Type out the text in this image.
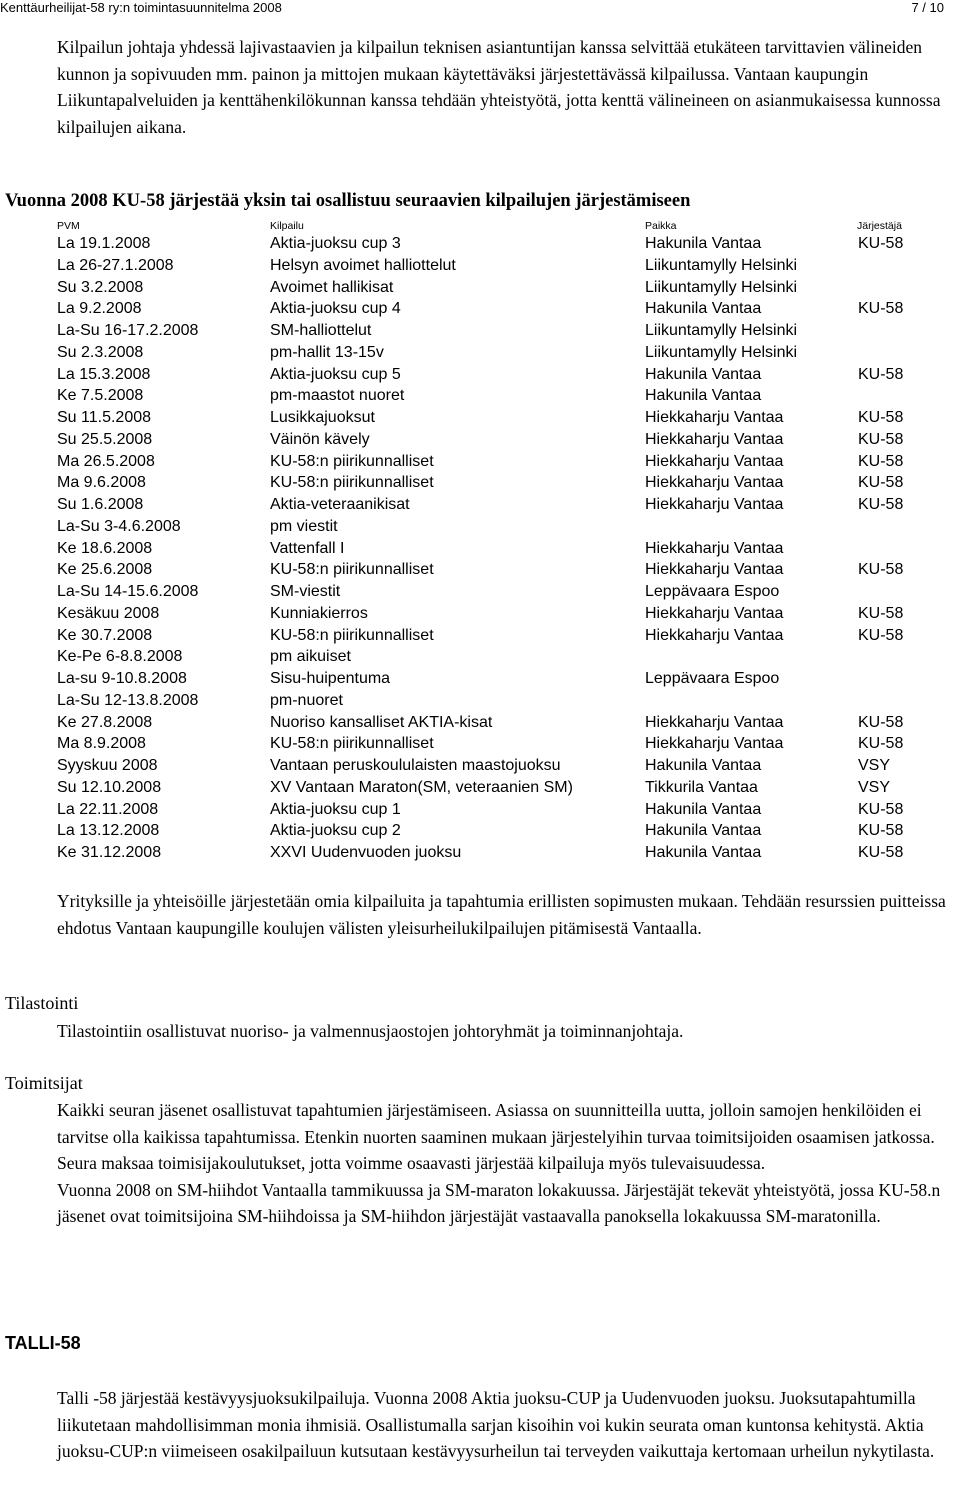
Kenttäurheilijat-58 ry:n toimintasuunnitelma 2008	7 / 10
Kilpailun johtaja yhdessä lajivastaavien ja kilpailun teknisen asiantuntijan kanssa selvittää etukäteen tarvittavien välineiden kunnon ja sopivuuden mm. painon ja mittojen mukaan käytettäväksi järjestettävässä kilpailussa. Vantaan kaupungin Liikuntapalveluiden ja kenttähenkilökunnan kanssa tehdään yhteistyötä, jotta kenttä välineineen on asianmukaisessa kunnossa kilpailujen aikana.
Vuonna 2008 KU-58 järjestää yksin tai osallistuu seuraavien kilpailujen järjestämiseen
PVM	Kilpailu	Paikka	Järjestäjä
La 19.1.2008	Aktia-juoksu cup 3	Hakunila Vantaa	KU-58
La 26-27.1.2008	Helsyn avoimet halliottelut	Liikuntamylly Helsinki
Su 3.2.2008	Avoimet hallikisat	Liikuntamylly Helsinki
La 9.2.2008	Aktia-juoksu cup 4	Hakunila Vantaa	KU-58
La-Su 16-17.2.2008	SM-halliottelut	Liikuntamylly Helsinki
Su 2.3.2008	pm-hallit 13-15v	Liikuntamylly Helsinki
La 15.3.2008	Aktia-juoksu cup 5	Hakunila Vantaa	KU-58
Ke 7.5.2008	pm-maastot nuoret	Hakunila Vantaa
Su 11.5.2008	Lusikkajuoksut	Hiekkaharju Vantaa	KU-58
Su 25.5.2008	Väinön kävely	Hiekkaharju Vantaa	KU-58
Ma 26.5.2008	KU-58:n piirikunnalliset	Hiekkaharju Vantaa	KU-58
Ma 9.6.2008	KU-58:n piirikunnalliset	Hiekkaharju Vantaa	KU-58
Su 1.6.2008	Aktia-veteraanikisat	Hiekkaharju Vantaa	KU-58
La-Su 3-4.6.2008	pm viestit
Ke 18.6.2008	Vattenfall I	Hiekkaharju Vantaa
Ke 25.6.2008	KU-58:n piirikunnalliset	Hiekkaharju Vantaa	KU-58
La-Su 14-15.6.2008	SM-viestit	Leppävaara Espoo
Kesäkuu 2008	Kunniakierros	Hiekkaharju Vantaa	KU-58
Ke 30.7.2008	KU-58:n piirikunnalliset	Hiekkaharju Vantaa	KU-58
Ke-Pe 6-8.8.2008	pm aikuiset
La-su 9-10.8.2008	Sisu-huipentuma	Leppävaara Espoo
La-Su 12-13.8.2008	pm-nuoret
Ke 27.8.2008	Nuoriso kansalliset AKTIA-kisat	Hiekkaharju Vantaa	KU-58
Ma 8.9.2008	KU-58:n piirikunnalliset	Hiekkaharju Vantaa	KU-58
Syyskuu 2008	Vantaan peruskoululaisten maastojuoksu	Hakunila Vantaa	VSY
Su 12.10.2008	XV Vantaan Maraton(SM, veteraanien SM)	Tikkurila Vantaa	VSY
La 22.11.2008	Aktia-juoksu cup 1	Hakunila Vantaa	KU-58
La 13.12.2008	Aktia-juoksu cup 2	Hakunila Vantaa	KU-58
Ke 31.12.2008	XXVI Uudenvuoden juoksu	Hakunila Vantaa	KU-58
Yrityksille ja yhteisöille järjestetään omia kilpailuita ja tapahtumia erillisten sopimusten mukaan. Tehdään resurssien puitteissa ehdotus Vantaan kaupungille koulujen välisten yleisurheilukilpailujen pitämisestä Vantaalla.
Tilastointi
Tilastointiin osallistuvat nuoriso- ja valmennusjaostojen johtoryhmät ja toiminnanjohtaja.
Toimitsijat

Kaikki seuran jäsenet osallistuvat tapahtumien järjestämiseen. Asiassa on suunnitteilla uutta, jolloin samojen henkilöiden ei tarvitse olla kaikissa tapahtumissa. Etenkin nuorten saaminen mukaan järjestelyihin turvaa toimitsijoiden osaamisen jatkossa.

Seura maksaa toimisijakoulutukset, jotta voimme osaavasti järjestää kilpailuja myös tulevaisuudessa.

Vuonna 2008 on SM-hiihdot Vantaalla tammikuussa ja SM-maraton lokakuussa. Järjestäjät tekevät yhteistyötä, jossa KU-58.n jäsenet ovat toimitsijoina SM-hiihdoissa ja SM-hiihdon järjestäjät vastaavalla panoksella lokakuussa SM-maratonilla.

TALLI-58
Talli -58 järjestää kestävyysjuoksukilpailuja. Vuonna 2008 Aktia juoksu-CUP ja Uudenvuoden juoksu. Juoksutapahtumilla liikutetaan mahdollisimman monia ihmisiä. Osallistumalla sarjan kisoihin voi kukin seurata oman kuntonsa kehitystä. Aktia juoksu-CUP:n viimeiseen osakilpailuun kutsutaan kestävyysurheilun tai terveyden vaikuttaja kertomaan urheilun nykytilasta.
